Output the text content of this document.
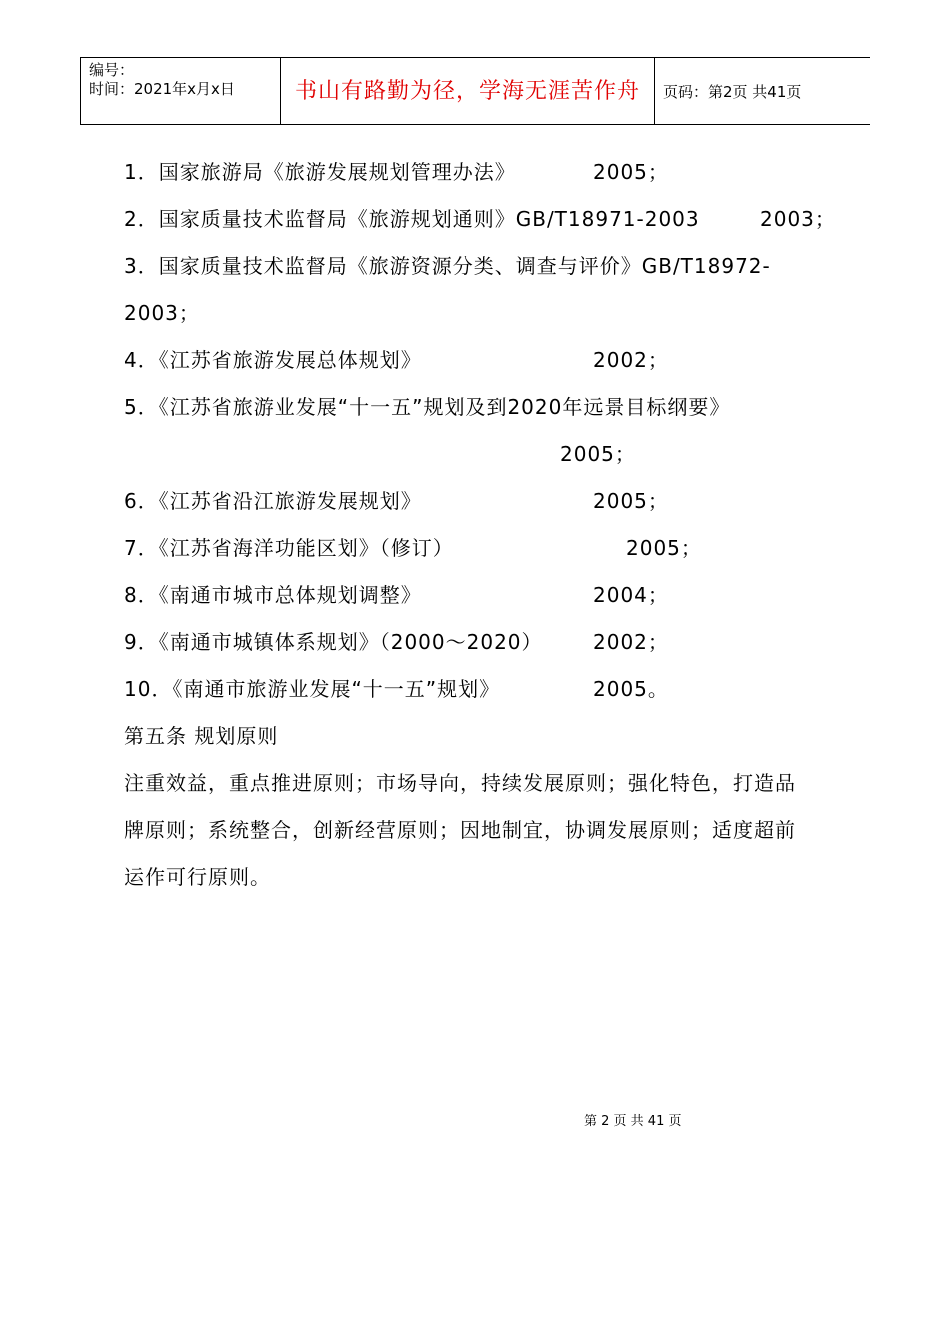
编号：
时间：2021年x月x日	书山有路勤为径，学海无涯苦作舟	页码：第2页 共41页
1．国家旅游局《旅游发展规划管理办法》	2005；
2．国家质量技术监督局《旅游规划通则》GB/T18971-2003	2003；
3．国家质量技术监督局《旅游资源分类、调查与评价》GB/T18972-
2003；
4．《江苏省旅游发展总体规划》	2002；
5．《江苏省旅游业发展“十一五”规划及到2020年远景目标纲要》
2005；
6．《江苏省沿江旅游发展规划》	2005；
7．《江苏省海洋功能区划》（修订）	2005；
8．《南通市城市总体规划调整》	2004；
9．《南通市城镇体系规划》（2000～2020）	2002；
10．《南通市旅游业发展“十一五”规划》	2005。
第五条 规划原则
注重效益，重点推进原则；市场导向，持续发展原则；强化特色，打造品
牌原则；系统整合，创新经营原则；因地制宜，协调发展原则；适度超前
运作可行原则。
第 2 页 共 41 页
